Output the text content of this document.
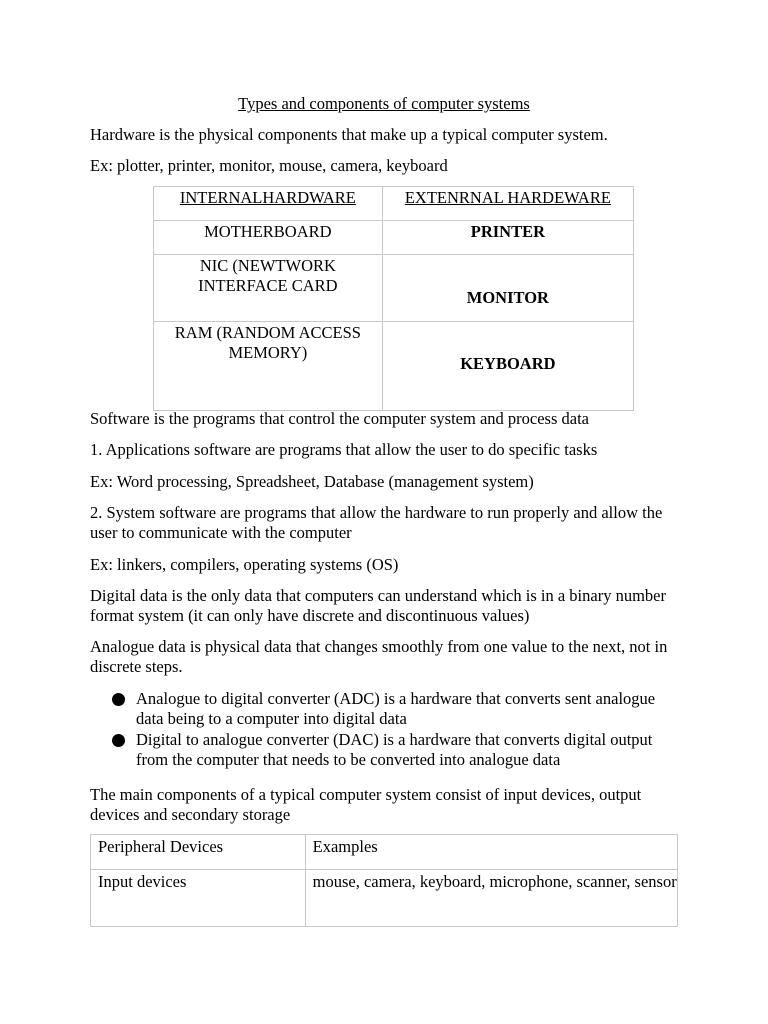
Types and components of computer systems

Hardware is the physical components that make up a typical computer system.

Ex: plotter, printer, monitor, mouse, camera, keyboard

INTERNALHARDWARE	EXTENRNAL HARDEWARE
MOTHERBOARD	PRINTER
NIC (NEWTWORK INTERFACE CARD	MONITOR

RAM (RANDOM ACCESS MEMORY)	KEYBOARD

Software is the programs that control the computer system and process data

1. Applications software are programs that allow the user to do specific tasks

Ex: Word processing, Spreadsheet, Database (management system)

2. System software are programs that allow the hardware to run properly and allow the user to communicate with the computer

Ex: linkers, compilers, operating systems (OS)

Digital data is the only data that computers can understand which is in a binary number format system (it can only have discrete and discontinuous values)

Analogue data is physical data that changes smoothly from one value to the next, not in discrete steps.

Analogue to digital converter (ADC) is a hardware that converts sent analogue data being to a computer into digital data
Digital to analogue converter (DAC) is a hardware that converts digital output from the computer that needs to be converted into analogue data

The main components of a typical computer system consist of input devices, output devices and secondary storage

Peripheral Devices	Examples
Input devices	mouse, camera, keyboard, microphone, scanner, sensor
